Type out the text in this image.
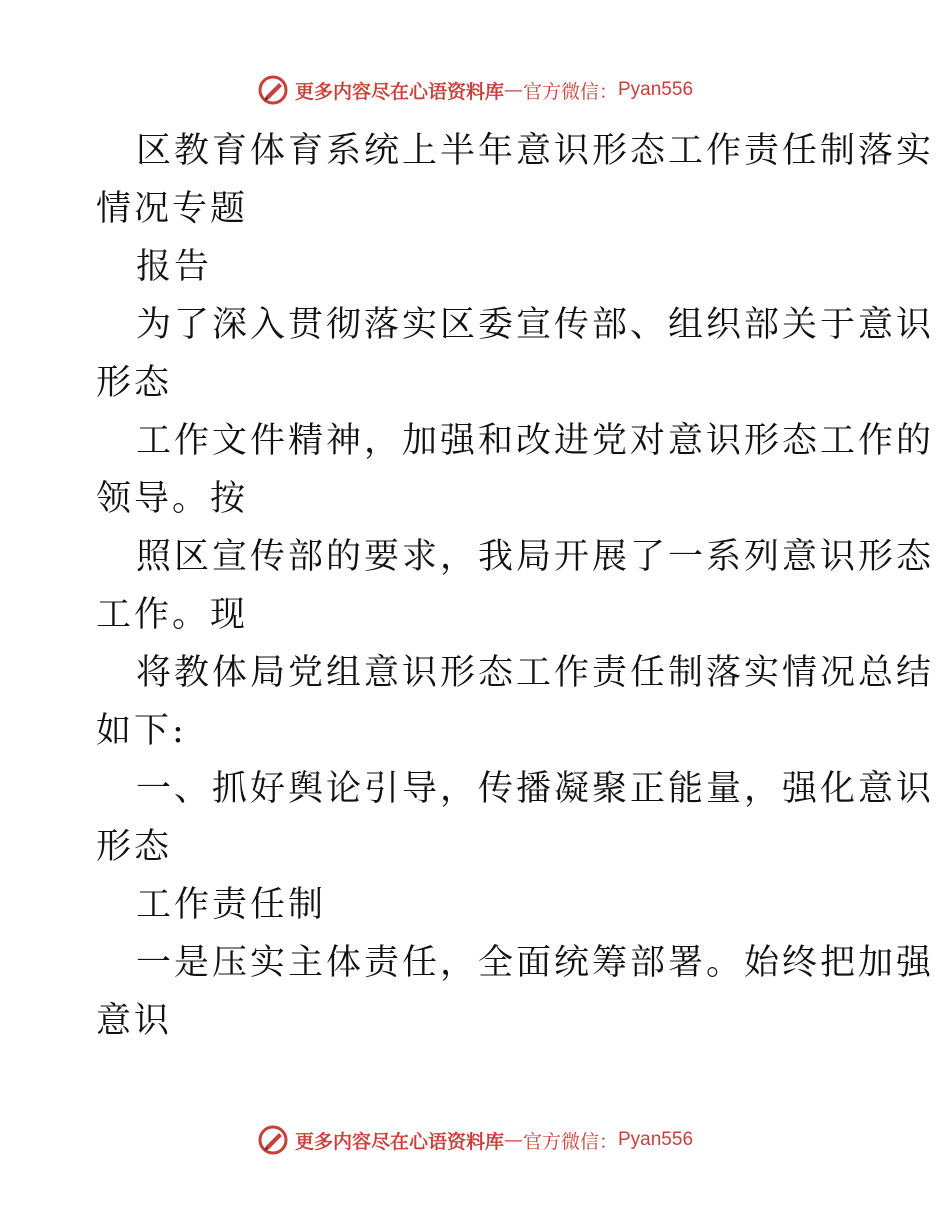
更多内容尽在心语资料库 — 官方微信： Pyan556
区教育体育系统上半年意识形态工作责任制落实
情况专题
报告
为了深入贯彻落实区委宣传部、组织部关于意识
形态
工作文件精神，加强和改进党对意识形态工作的
领导。按
照区宣传部的要求，我局开展了一系列意识形态
工作。现
将教体局党组意识形态工作责任制落实情况总结
如下:
一、抓好舆论引导，传播凝聚正能量，强化意识
形态
工作责任制
一是压实主体责任，全面统筹部署。始终把加强
意识
更多内容尽在心语资料库 — 官方微信： Pyan556
